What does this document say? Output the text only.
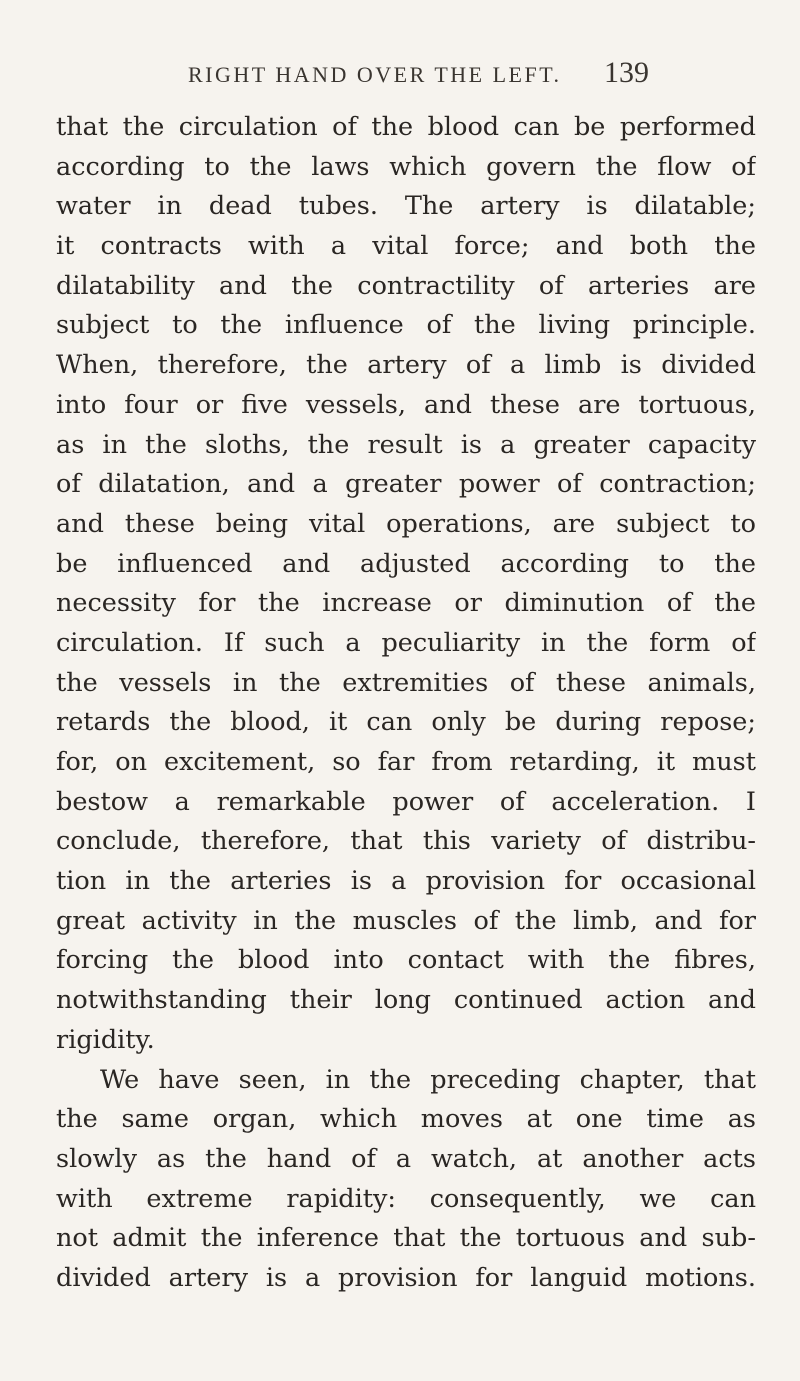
RIGHT HAND OVER THE LEFT. 139
that the circulation of the blood can be performed
according to the laws which govern the flow of
water in dead tubes. The artery is dilatable;
it contracts with a vital force; and both the
dilatability and the contractility of arteries are
subject to the influence of the living principle.
When, therefore, the artery of a limb is divided
into four or five vessels, and these are tortuous,
as in the sloths, the result is a greater capacity
of dilatation, and a greater power of contraction;
and these being vital operations, are subject to
be influenced and adjusted according to the
necessity for the increase or diminution of the
circulation. If such a peculiarity in the form of
the vessels in the extremities of these animals,
retards the blood, it can only be during repose;
for, on excitement, so far from retarding, it must
bestow a remarkable power of acceleration. I
conclude, therefore, that this variety of distribu-
tion in the arteries is a provision for occasional
great activity in the muscles of the limb, and for
forcing the blood into contact with the fibres,
notwithstanding their long continued action and
rigidity.
We have seen, in the preceding chapter, that
the same organ, which moves at one time as
slowly as the hand of a watch, at another acts
with extreme rapidity: consequently, we can
not admit the inference that the tortuous and sub-
divided artery is a provision for languid motions.
